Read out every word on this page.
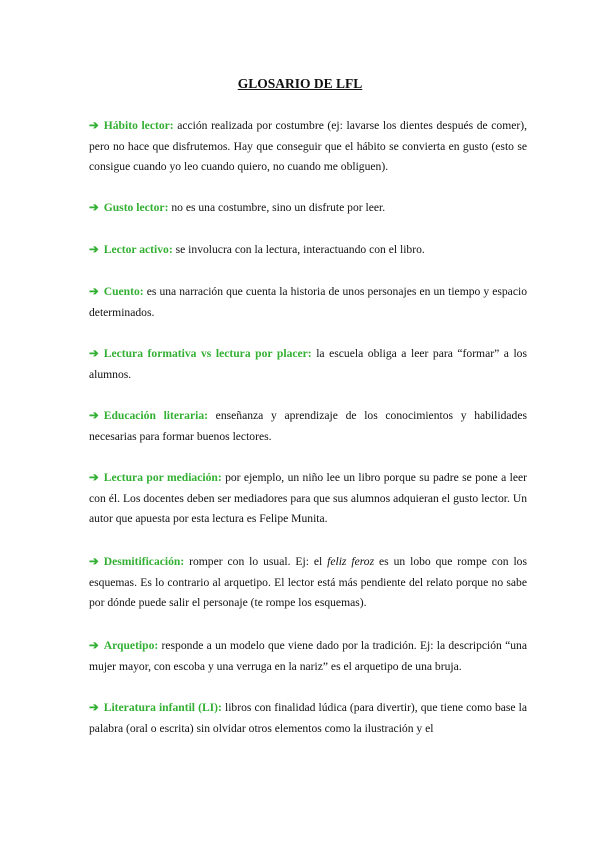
GLOSARIO DE LFL
➔ Hábito lector: acción realizada por costumbre (ej: lavarse los dientes después de comer), pero no hace que disfrutemos. Hay que conseguir que el hábito se convierta en gusto (esto se consigue cuando yo leo cuando quiero, no cuando me obliguen).
➔ Gusto lector: no es una costumbre, sino un disfrute por leer.
➔ Lector activo: se involucra con la lectura, interactuando con el libro.
➔ Cuento: es una narración que cuenta la historia de unos personajes en un tiempo y espacio determinados.
➔ Lectura formativa vs lectura por placer: la escuela obliga a leer para “formar” a los alumnos.
➔ Educación literaria: enseñanza y aprendizaje de los conocimientos y habilidades necesarias para formar buenos lectores.
➔ Lectura por mediación: por ejemplo, un niño lee un libro porque su padre se pone a leer con él. Los docentes deben ser mediadores para que sus alumnos adquieran el gusto lector. Un autor que apuesta por esta lectura es Felipe Munita.
➔ Desmitificación: romper con lo usual. Ej: el feliz feroz es un lobo que rompe con los esquemas. Es lo contrario al arquetipo. El lector está más pendiente del relato porque no sabe por dónde puede salir el personaje (te rompe los esquemas).
➔ Arquetipo: responde a un modelo que viene dado por la tradición. Ej: la descripción “una mujer mayor, con escoba y una verruga en la nariz” es el arquetipo de una bruja.
➔ Literatura infantil (LI): libros con finalidad lúdica (para divertir), que tiene como base la palabra (oral o escrita) sin olvidar otros elementos como la ilustración y el
